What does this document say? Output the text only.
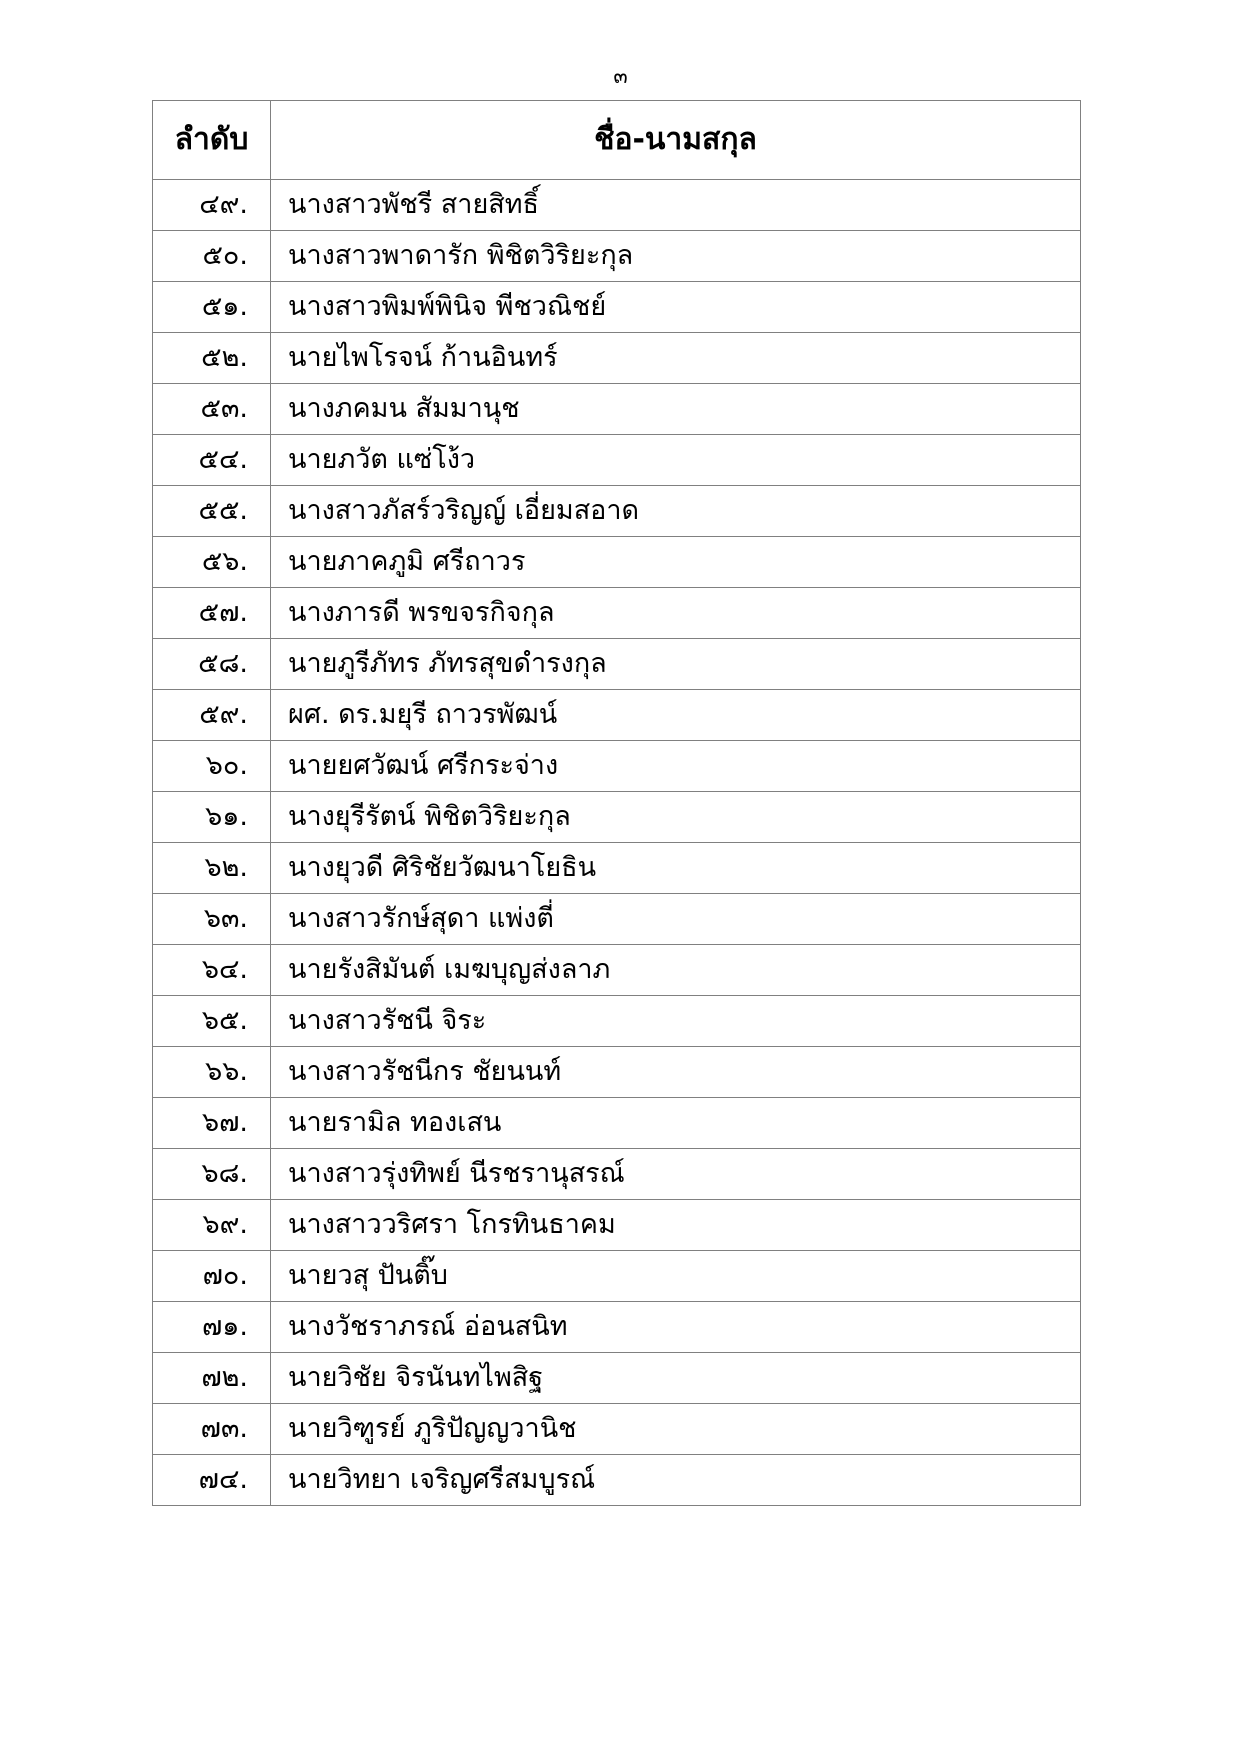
๓
ลำดับ	ชื่อ-นามสกุล
๔๙.	นางสาวพัชรี สายสิทธิ์
๕๐.	นางสาวพาดารัก พิชิตวิริยะกุล
๕๑.	นางสาวพิมพ์พินิจ พีชวณิชย์
๕๒.	นายไพโรจน์ ก้านอินทร์
๕๓.	นางภคมน สัมมานุช
๕๔.	นายภวัต แซ่โง้ว
๕๕.	นางสาวภัสร์วริญญ์ เอี่ยมสอาด
๕๖.	นายภาคภูมิ ศรีถาวร
๕๗.	นางภารดี พรขจรกิจกุล
๕๘.	นายภูรีภัทร ภัทรสุขดำรงกุล
๕๙.	ผศ. ดร.มยุรี ถาวรพัฒน์
๖๐.	นายยศวัฒน์ ศรีกระจ่าง
๖๑.	นางยุรีรัตน์ พิชิตวิริยะกุล
๖๒.	นางยุวดี ศิริชัยวัฒนาโยธิน
๖๓.	นางสาวรักษ์สุดา แพ่งตี่
๖๔.	นายรังสิมันต์ เมฆบุญส่งลาภ
๖๕.	นางสาวรัชนี จิระ
๖๖.	นางสาวรัชนีกร ชัยนนท์
๖๗.	นายรามิล ทองเสน
๖๘.	นางสาวรุ่งทิพย์ นีรชรานุสรณ์
๖๙.	นางสาววริศรา โกรทินธาคม
๗๐.	นายวสุ ปันติ๊บ
๗๑.	นางวัชราภรณ์ อ่อนสนิท
๗๒.	นายวิชัย จิรนันทไพสิฐ
๗๓.	นายวิฑูรย์ ภูริปัญญวานิช
๗๔.	นายวิทยา เจริญศรีสมบูรณ์
